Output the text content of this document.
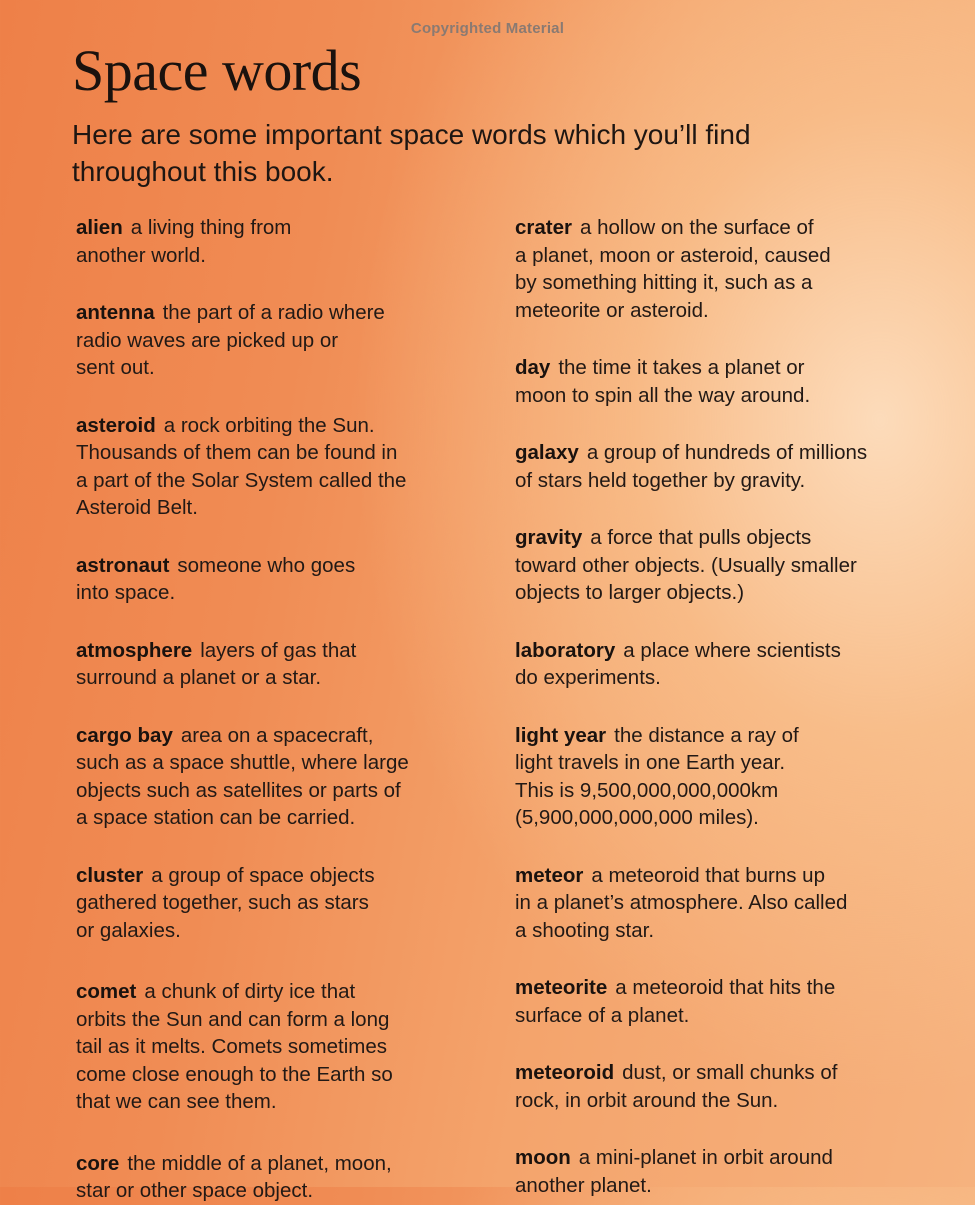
Copyrighted Material
Space words
Here are some important space words which you’ll find
throughout this book.
alien a living thing from
another world.
antenna the part of a radio where
radio waves are picked up or
sent out.
asteroid a rock orbiting the Sun.
Thousands of them can be found in
a part of the Solar System called the
Asteroid Belt.
astronaut someone who goes
into space.
atmosphere layers of gas that
surround a planet or a star.
cargo bay area on a spacecraft,
such as a space shuttle, where large
objects such as satellites or parts of
a space station can be carried.
cluster a group of space objects
gathered together, such as stars
or galaxies.
comet a chunk of dirty ice that
orbits the Sun and can form a long
tail as it melts. Comets sometimes
come close enough to the Earth so
that we can see them.
core the middle of a planet, moon,
star or other space object.
crater a hollow on the surface of
a planet, moon or asteroid, caused
by something hitting it, such as a
meteorite or asteroid.
day the time it takes a planet or
moon to spin all the way around.
galaxy a group of hundreds of millions
of stars held together by gravity.
gravity a force that pulls objects
toward other objects. (Usually smaller
objects to larger objects.)
laboratory a place where scientists
do experiments.
light year the distance a ray of
light travels in one Earth year.
This is 9,500,000,000,000km
(5,900,000,000,000 miles).
meteor a meteoroid that burns up
in a planet’s atmosphere. Also called
a shooting star.
meteorite a meteoroid that hits the
surface of a planet.
meteoroid dust, or small chunks of
rock, in orbit around the Sun.
moon a mini-planet in orbit around
another planet.
